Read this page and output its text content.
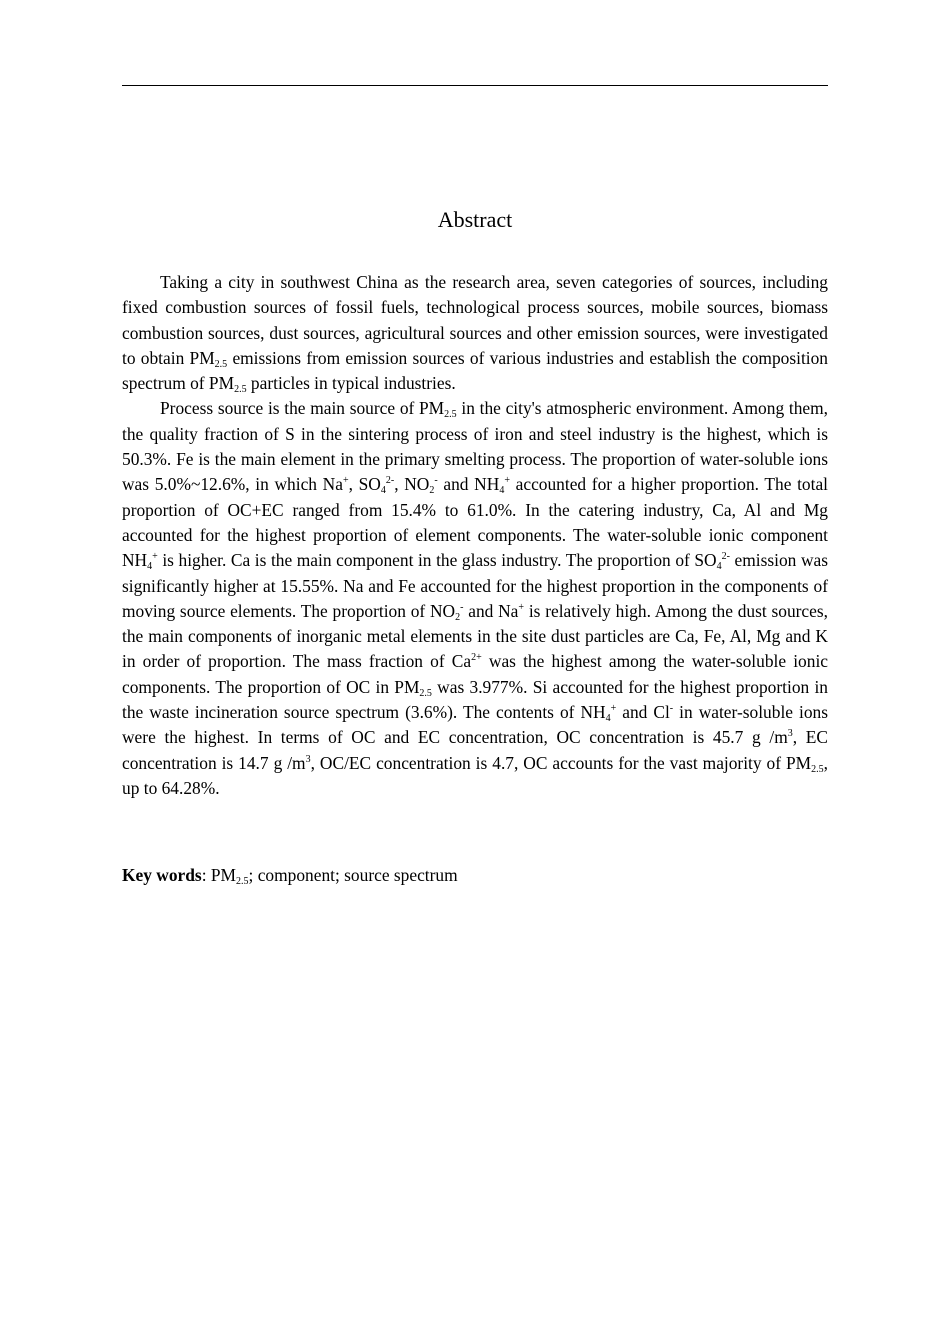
Abstract

Taking a city in southwest China as the research area, seven categories of sources, including fixed combustion sources of fossil fuels, technological process sources, mobile sources, biomass combustion sources, dust sources, agricultural sources and other emission sources, were investigated to obtain $PM_{2.5}$ emissions from emission sources of various industries and establish the composition spectrum of $PM_{2.5}$ particles in typical industries.

Process source is the main source of $PM_{2.5}$ in the city's atmospheric environment. Among them, the quality fraction of S in the sintering process of iron and steel industry is the highest, which is 50.3%. Fe is the main element in the primary smelting process. The proportion of water-soluble ions was 5.0%~12.6%, in which Na+, $SO_4^{2-}$, $NO_2^-$ and $NH_4^+$ accounted for a higher proportion. The total proportion of OC+EC ranged from 15.4% to 61.0%. In the catering industry, Ca, Al and Mg accounted for the highest proportion of element components. The water-soluble ionic component $NH_4^+$ is higher. Ca is the main component in the glass industry. The proportion of $SO_4^{2-}$ emission was significantly higher at 15.55%. Na and Fe accounted for the highest proportion in the components of moving source elements. The proportion of $NO_2^-$ and Na+ is relatively high. Among the dust sources, the main components of inorganic metal elements in the site dust particles are Ca, Fe, Al, Mg and K in order of proportion. The mass fraction of $Ca^{2+}$ was the highest among the water-soluble ionic components. The proportion of OC in $PM_{2.5}$ was 3.977%. Si accounted for the highest proportion in the waste incineration source spectrum (3.6%). The contents of $NH_4^+$ and Cl- in water-soluble ions were the highest. In terms of OC and EC concentration, OC concentration is 45.7 g $/m^3$, EC concentration is 14.7 g $/m^3$, OC/EC concentration is 4.7, OC accounts for the vast majority of $PM_{2.5}$, up to 64.28%.

Key words: $PM_{2.5}$; component; source spectrum
